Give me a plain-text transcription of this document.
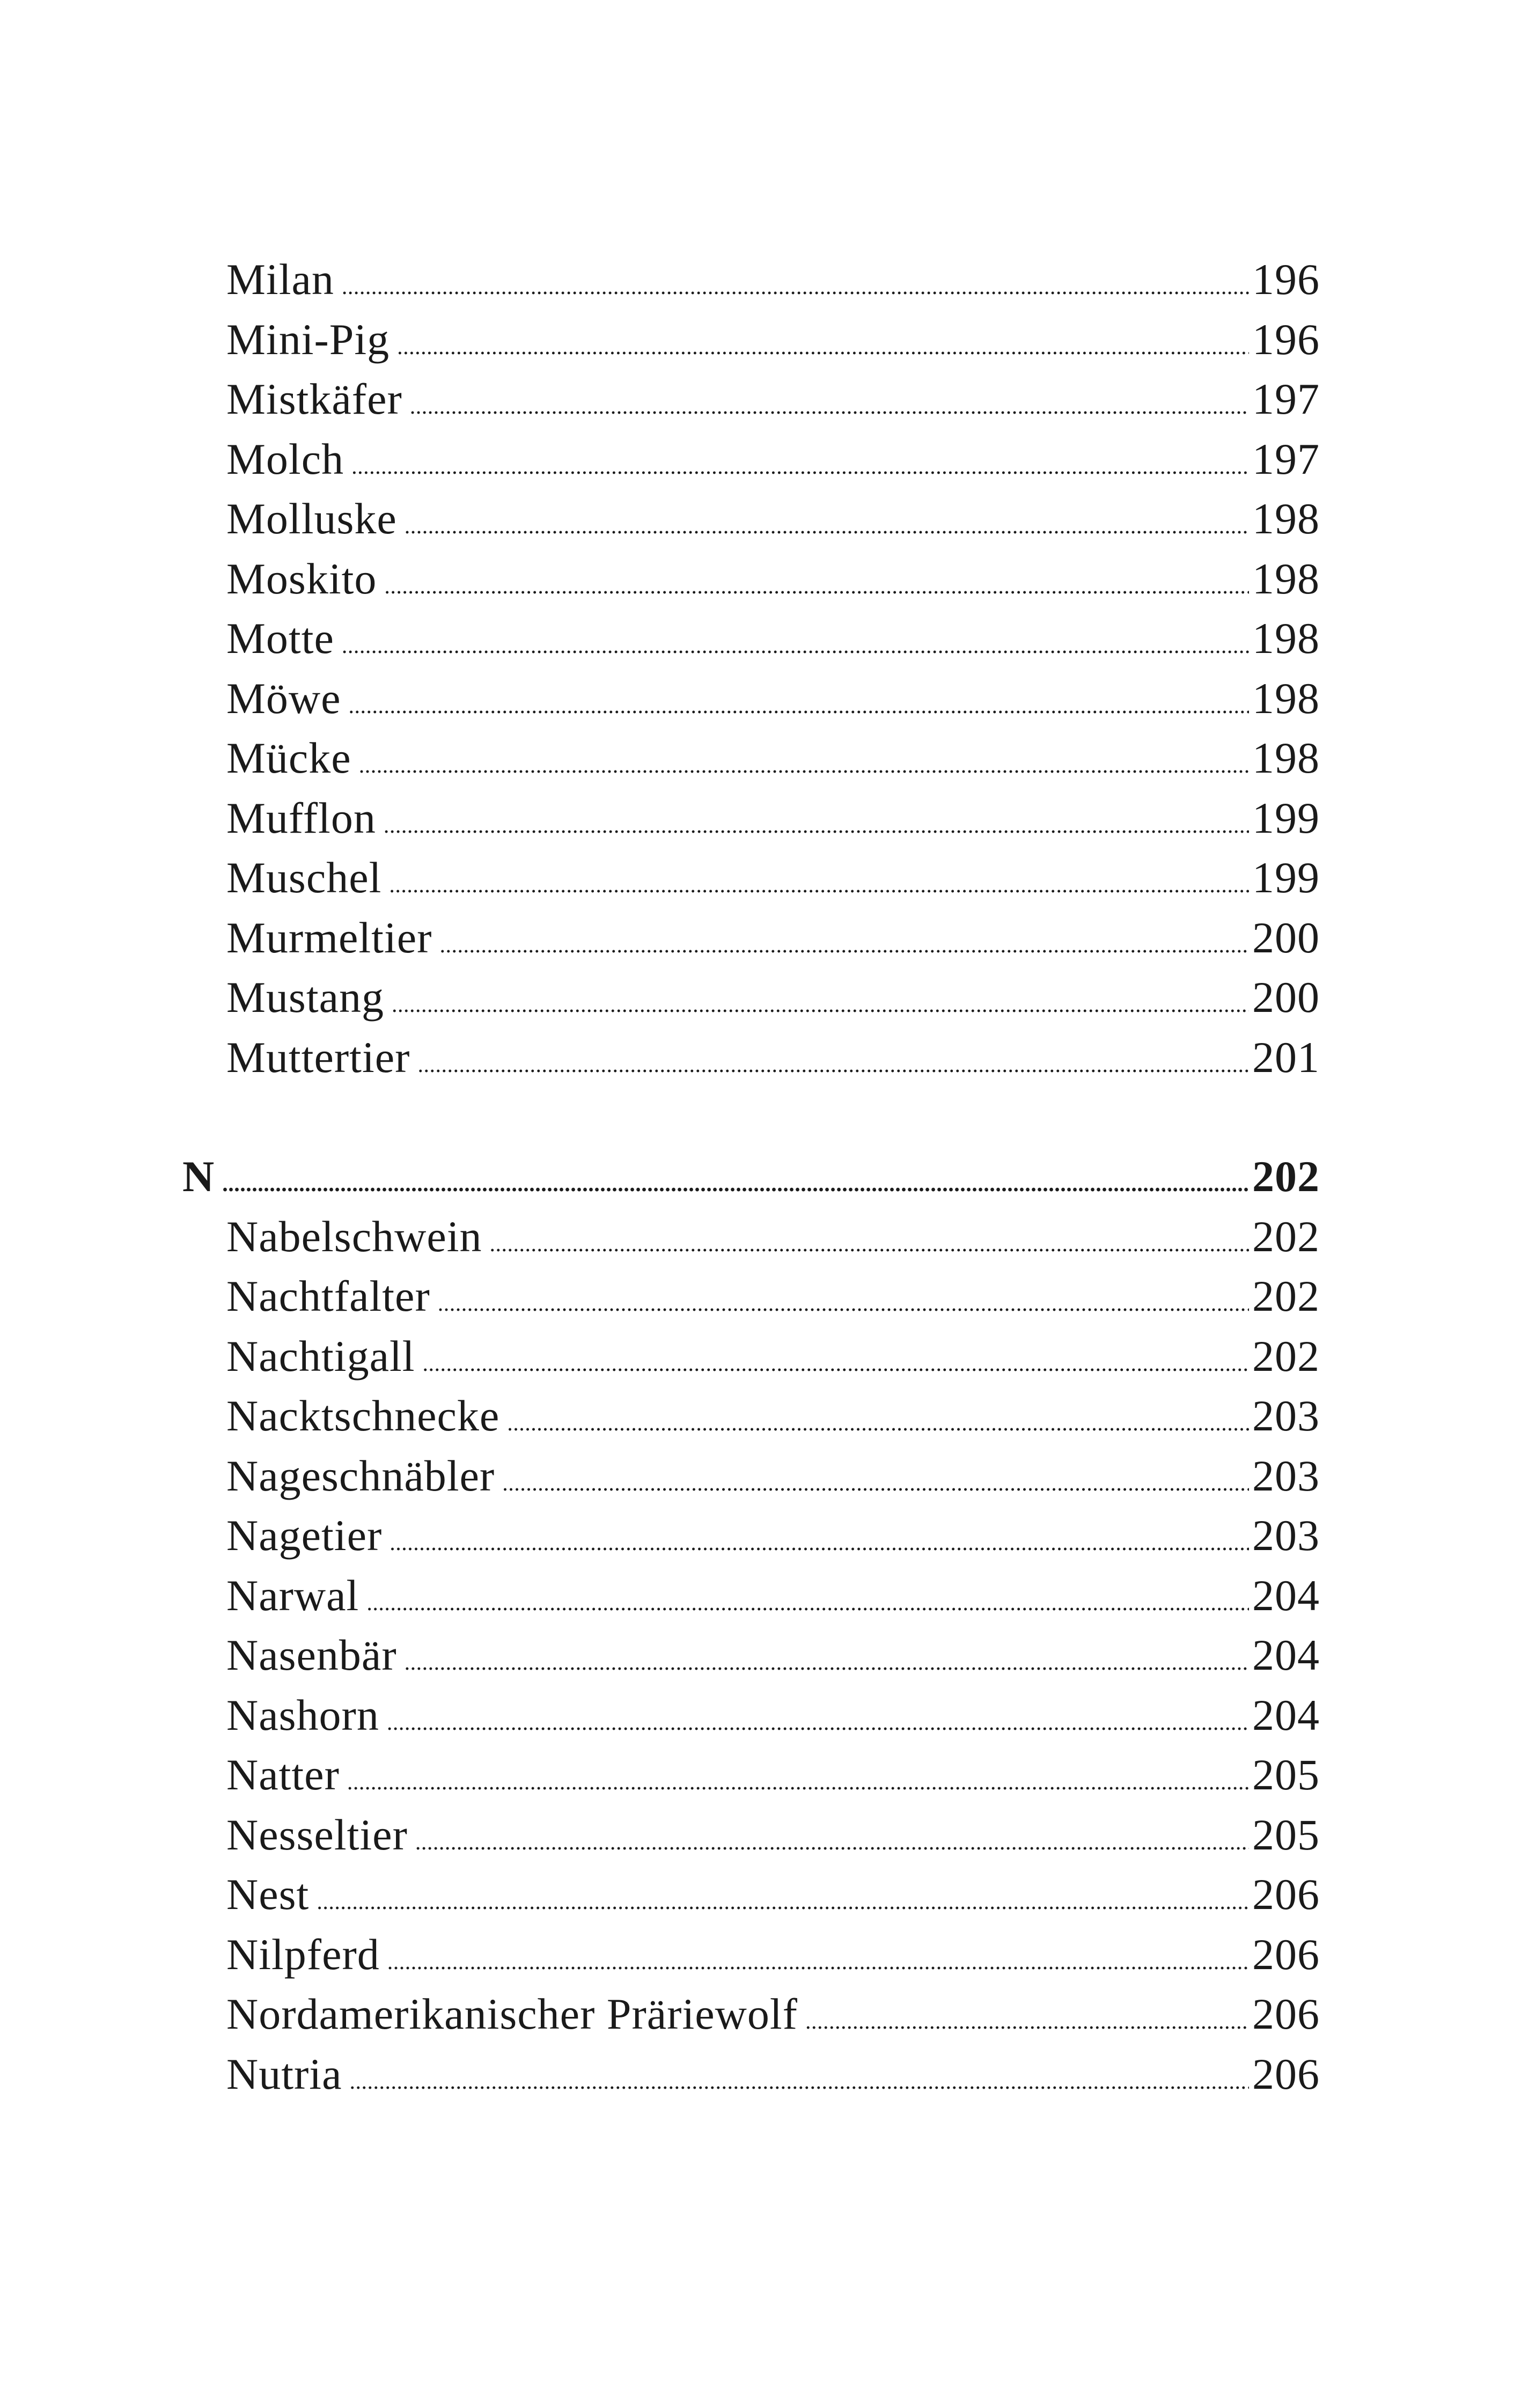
Milan . . .	196
Mini-Pig . . .	196
Mistkäfer . . .	197
Molch . . .	197
Molluske . . .	198
Moskito . . .	198
Motte . . .	198
Möwe . . .	198
Mücke . . .	198
Mufflon . . .	199
Muschel . . .	199
Murmeltier . . .	200
Mustang . . .	200
Muttertier . . .	201
N . . .	202
Nabelschwein . . .	202
Nachtfalter . . .	202
Nachtigall . . .	202
Nacktschnecke . . .	203
Nageschnäbler . . .	203
Nagetier . . .	203
Narwal . . .	204
Nasenbär . . .	204
Nashorn . . .	204
Natter . . .	205
Nesseltier . . .	205
Nest . . .	206
Nilpferd . . .	206
Nordamerikanischer Präriewolf . . .	206
Nutria . . .	206
